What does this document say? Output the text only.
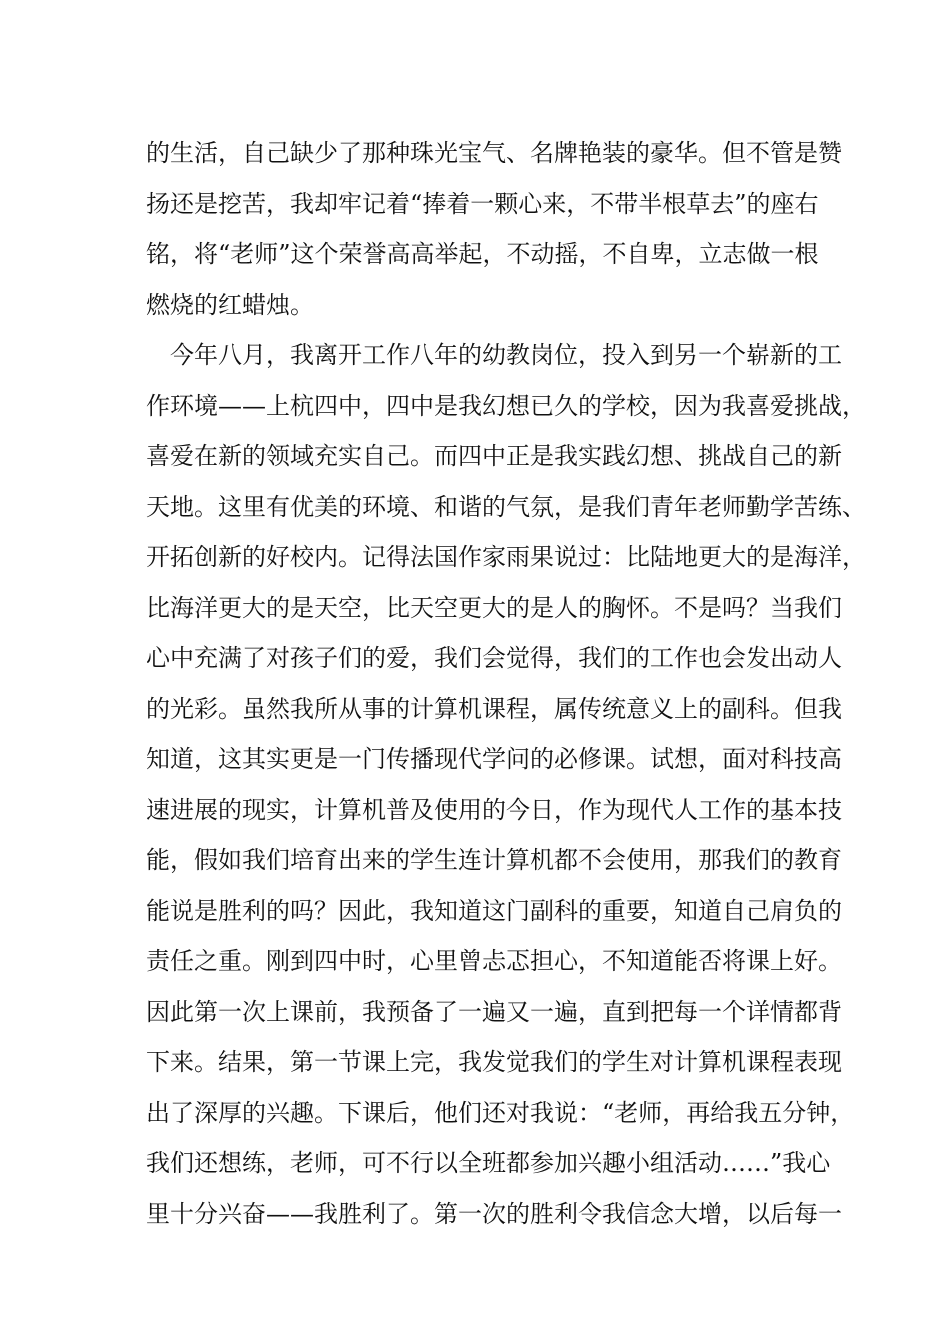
的生活，自己缺少了那种珠光宝气、名牌艳装的豪华。但不管是赞
扬还是挖苦，我却牢记着“捧着一颗心来，不带半根草去”的座右
铭，将“老师”这个荣誉高高举起，不动摇，不自卑，立志做一根
燃烧的红蜡烛。
今年八月，我离开工作八年的幼教岗位，投入到另一个崭新的工
作环境——上杭四中，四中是我幻想已久的学校，因为我喜爱挑战，
喜爱在新的领域充实自己。而四中正是我实践幻想、挑战自己的新
天地。这里有优美的环境、和谐的气氛，是我们青年老师勤学苦练、
开拓创新的好校内。记得法国作家雨果说过：比陆地更大的是海洋，
比海洋更大的是天空，比天空更大的是人的胸怀。不是吗？当我们
心中充满了对孩子们的爱，我们会觉得，我们的工作也会发出动人
的光彩。虽然我所从事的计算机课程，属传统意义上的副科。但我
知道，这其实更是一门传播现代学问的必修课。试想，面对科技高
速进展的现实，计算机普及使用的今日，作为现代人工作的基本技
能，假如我们培育出来的学生连计算机都不会使用，那我们的教育
能说是胜利的吗？因此，我知道这门副科的重要，知道自己肩负的
责任之重。刚到四中时，心里曾忐忑担心，不知道能否将课上好。
因此第一次上课前，我预备了一遍又一遍，直到把每一个详情都背
下来。结果，第一节课上完，我发觉我们的学生对计算机课程表现
出了深厚的兴趣。下课后，他们还对我说：“老师，再给我五分钟，
我们还想练，老师，可不行以全班都参加兴趣小组活动……”我心
里十分兴奋——我胜利了。第一次的胜利令我信念大增，以后每一
